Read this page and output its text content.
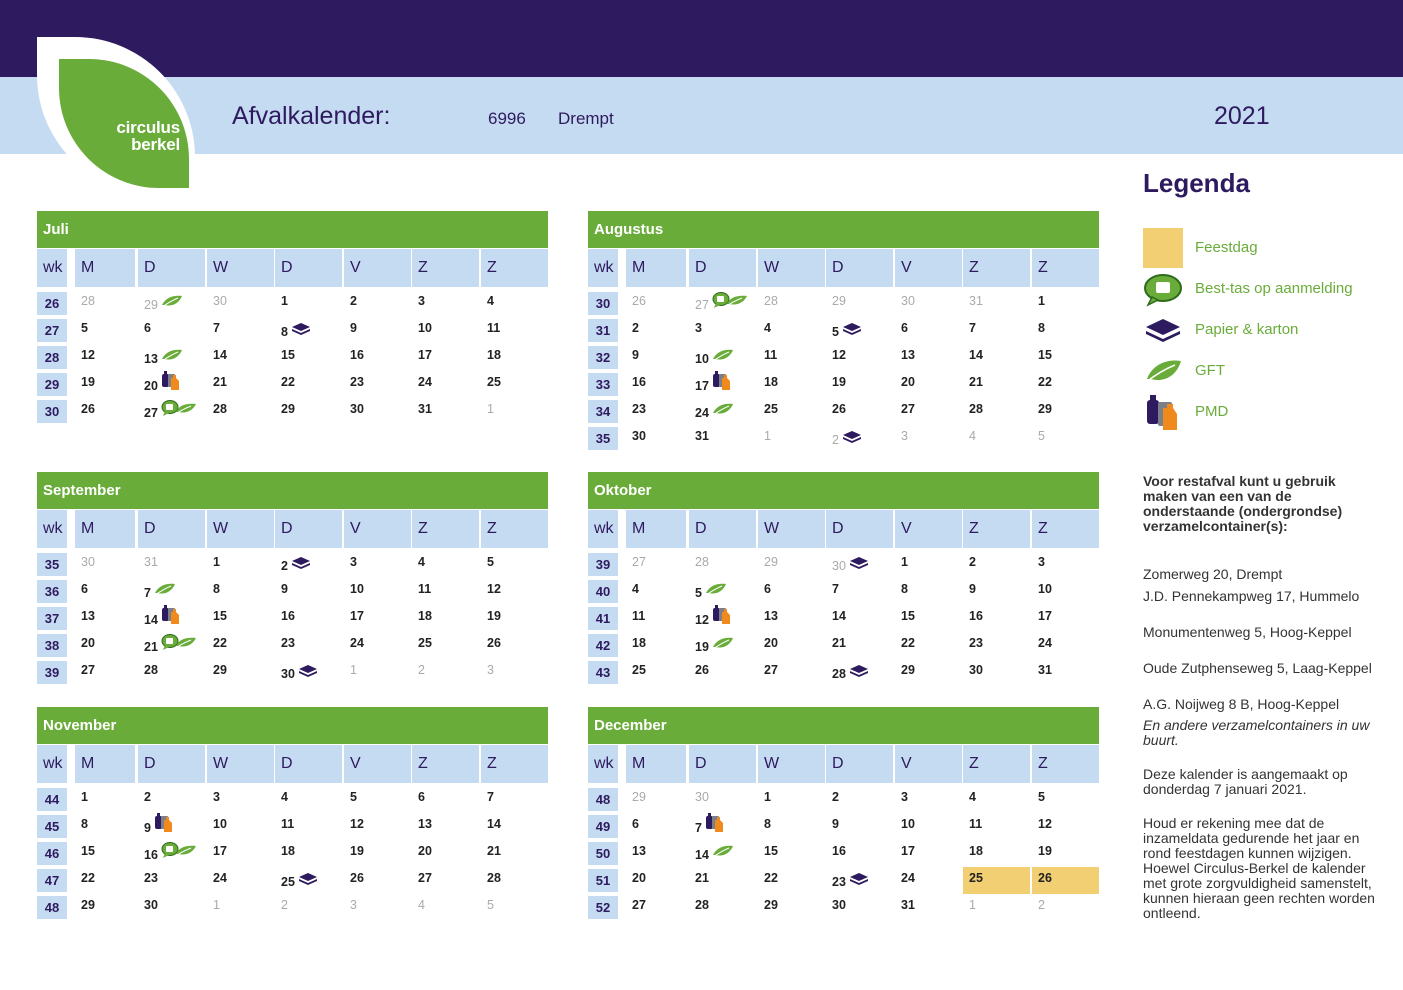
circulus
berkel
Afvalkalender:	6996 Drempt	2021
Juli
wk	M	D	W	D	V	Z	Z
26	28	29	30	1	2	3	4
27	5	6	7	8	9	10	11
28	12	13	14	15	16	17	18
29	19	20	21	22	23	24	25
30	26	27	28	29	30	31	1
Augustus
wk	M	D	W	D	V	Z	Z
30	26	27	28	29	30	31	1
31	2	3	4	5	6	7	8
32	9	10	11	12	13	14	15
33	16	17	18	19	20	21	22
34	23	24	25	26	27	28	29
35	30	31	1	2	3	4	5
September
wk	M	D	W	D	V	Z	Z
35	30	31	1	2	3	4	5
36	6	7	8	9	10	11	12
37	13	14	15	16	17	18	19
38	20	21	22	23	24	25	26
39	27	28	29	30	1	2	3
Oktober
wk	M	D	W	D	V	Z	Z
39	27	28	29	30	1	2	3
40	4	5	6	7	8	9	10
41	11	12	13	14	15	16	17
42	18	19	20	21	22	23	24
43	25	26	27	28	29	30	31
November
wk	M	D	W	D	V	Z	Z
44	1	2	3	4	5	6	7
45	8	9	10	11	12	13	14
46	15	16	17	18	19	20	21
47	22	23	24	25	26	27	28
48	29	30	1	2	3	4	5
December
wk	M	D	W	D	V	Z	Z
48	29	30	1	2	3	4	5
49	6	7	8	9	10	11	12
50	13	14	15	16	17	18	19
51	20	21	22	23	24	25	26
52	27	28	29	30	31	1	2
Legenda
Feestdag
Best-tas op aanmelding
Papier & karton
GFT
PMD
Voor restafval kunt u gebruik maken van een van de onderstaande (ondergrondse) verzamelcontainer(s):
Zomerweg 20, Drempt
J.D. Pennekampweg 17, Hummelo
Monumentenweg 5, Hoog-Keppel
Oude Zutphenseweg 5, Laag-Keppel
A.G. Noijweg 8 B, Hoog-Keppel
En andere verzamelcontainers in uw buurt.
Deze kalender is aangemaakt op donderdag 7 januari 2021.
Houd er rekening mee dat de inzameldata gedurende het jaar en rond feestdagen kunnen wijzigen. Hoewel Circulus-Berkel de kalender met grote zorgvuldigheid samenstelt, kunnen hieraan geen rechten worden ontleend.
